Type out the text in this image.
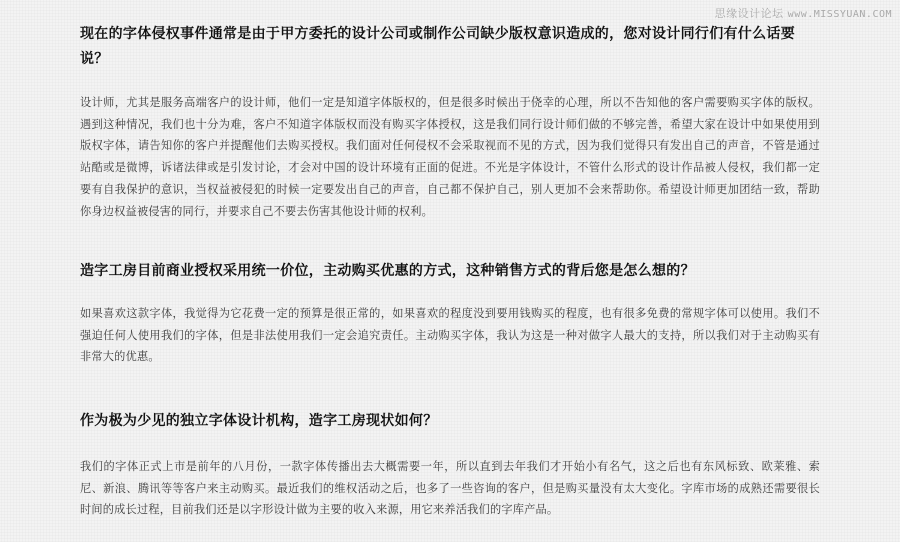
思缘设计论坛 www.MISSYUAN.COM
现在的字体侵权事件通常是由于甲方委托的设计公司或制作公司缺少版权意识造成的，您对设计同行们有什么话要说？

设计师，尤其是服务高端客户的设计师，他们一定是知道字体版权的，但是很多时候出于侥幸的心理，所以不告知他的客户需要购买字体的版权。遇到这种情况，我们也十分为难，客户不知道字体版权而没有购买字体授权，这是我们同行设计师们做的不够完善，希望大家在设计中如果使用到版权字体，请告知你的客户并提醒他们去购买授权。我们面对任何侵权不会采取视而不见的方式，因为我们觉得只有发出自己的声音，不管是通过站酷或是微博，诉诸法律或是引发讨论，才会对中国的设计环境有正面的促进。不光是字体设计，不管什么形式的设计作品被人侵权，我们都一定要有自我保护的意识，当权益被侵犯的时候一定要发出自己的声音，自己都不保护自己，别人更加不会来帮助你。希望设计师更加团结一致，帮助你身边权益被侵害的同行，并要求自己不要去伤害其他设计师的权利。

造字工房目前商业授权采用统一价位，主动购买优惠的方式，这种销售方式的背后您是怎么想的？

如果喜欢这款字体，我觉得为它花费一定的预算是很正常的，如果喜欢的程度没到要用钱购买的程度，也有很多免费的常规字体可以使用。我们不强迫任何人使用我们的字体，但是非法使用我们一定会追究责任。主动购买字体，我认为这是一种对做字人最大的支持，所以我们对于主动购买有非常大的优惠。

作为极为少见的独立字体设计机构，造字工房现状如何？

我们的字体正式上市是前年的八月份，一款字体传播出去大概需要一年，所以直到去年我们才开始小有名气，这之后也有东风标致、欧莱雅、索尼、新浪、腾讯等等客户来主动购买。最近我们的维权活动之后，也多了一些咨询的客户，但是购买量没有太大变化。字库市场的成熟还需要很长时间的成长过程，目前我们还是以字形设计做为主要的收入来源，用它来养活我们的字库产品。
